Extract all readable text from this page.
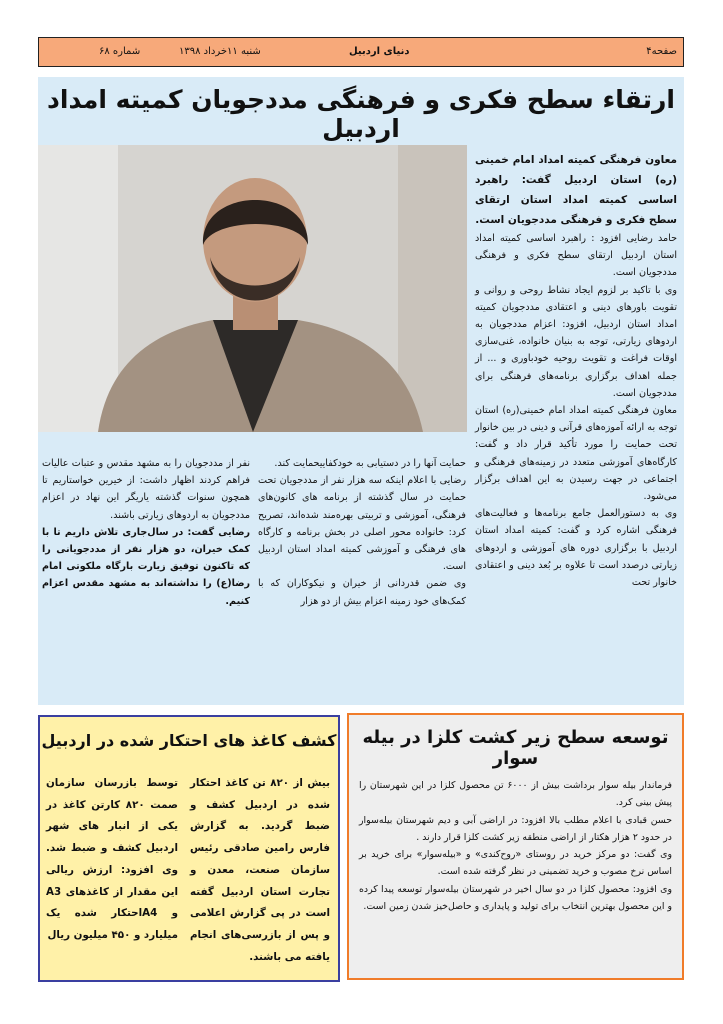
صفحه۴
دنیای اردبیل
شنبه ۱۱خرداد ۱۳۹۸
شماره ۶۸
ارتقاء سطح فکری و فرهنگی مددجویان کمیته امداد اردبیل

معاون فرهنگی کمیته امداد امام خمینی (ره) استان اردبیل گفت: راهبرد اساسی کمیته امداد استان ارتقای سطح فکری و فرهنگی مددجویان است.

حامد رضایی افزود : راهبرد اساسی کمیته امداد استان اردبیل ارتقای سطح فکری و فرهنگی مددجویان است.

وی با تاکید بر لزوم ایجاد نشاط روحی و روانی و تقویت باورهای دینی و اعتقادی مددجویان کمیته امداد استان اردبیل، افزود: اعزام مددجویان به اردوهای زیارتی، توجه به بنیان خانواده، غنی‌سازی اوقات فراغت و تقویت روحیه خودباوری و ... از جمله اهداف برگزاری برنامه‌های فرهنگی برای مددجویان است.

معاون فرهنگی کمیته امداد امام خمینی(ره) استان توجه به ارائه آموزه‌های قرآنی و دینی در بین خانوار تحت حمایت را مورد تأکید قرار داد و گفت: کارگاه‌های آموزشی متعدد در زمینه‌های فرهنگی و اجتماعی در جهت رسیدن به این اهداف برگزار می‌شود.

وی به دستورالعمل جامع برنامه‌ها و فعالیت‌های فرهنگی اشاره کرد و گفت: کمیته امداد استان اردبیل با برگزاری دوره های آموزشی و اردوهای زیارتی درصدد است تا علاوه بر بُعد دینی و اعتقادی خانوار تحت

حمایت آنها را در دستیابی به خودکفاییحمایت کند.

رضایی با اعلام اینکه سه هزار نفر از مددجویان تحت حمایت در سال گذشته از برنامه های کانون‌های فرهنگی، آموزشی و تربیتی بهره‌مند شده‌اند، تصریح کرد: خانواده محور اصلی در بخش برنامه و کارگاه های فرهنگی و آموزشی کمیته امداد استان اردبیل است.

وی ضمن قدردانی از خیران و نیکوکاران که با کمک‌های خود زمینه اعزام بیش از دو هزار

نفر از مددجویان را به مشهد مقدس و عتبات عالیات فراهم کردند اظهار داشت: از خیرین خواستاریم تا همچون سنوات گذشته یاریگر این نهاد در اعزام مددجویان به اردوهای زیارتی باشند.

رضایی گفت: در سال‌جاری تلاش داریم تا با کمک خیران، دو هزار نفر از مددجویانی را که تاکنون توفیق زیارت بارگاه ملکوتی امام رضا(ع) را نداشته‌اند به مشهد مقدس اعزام کنیم.

توسعه سطح زیر کشت کلزا در بیله سوار
فرماندار بیله سوار برداشت بیش از ۶۰۰۰ تن محصول کلزا در این شهرستان را پیش بینی کرد.
حسن قبادی با اعلام مطلب بالا افزود: در اراضی آبی و دیم شهرستان بیله‌سوار در حدود ۲ هزار هکتار از اراضی منطقه زیر کشت کلزا قرار دارند .
وی گفت: دو مرکز خرید در روستای «روح‌کندی» و «بیله‌سوار» برای خرید بر اساس نرخ مصوب و خرید تضمینی در نظر گرفته شده است.
وی افزود: محصول کلزا در دو سال اخیر در شهرستان بیله‌سوار توسعه پیدا کرده و این محصول بهترین انتخاب برای تولید و پایداری و حاصل‌خیز شدن زمین است.
کشف کاغذ های احتکار شده در اردبیل
بیش از ۸۲۰ تن کاغذ احتکار شده در اردبیل کشف و ضبط گردید. به گزارش فارس رامین صادقی رئیس سازمان صنعت، معدن و تجارت استان اردبیل گفته است در پی گزارش اعلامی و پس از بازرسی‌های انجام یافته می باشند.
توسط بازرسان سازمان صمت ۸۲۰ کارتن کاغذ در یکی از انبار های شهر اردبیل کشف و ضبط شد. وی افزود: ارزش ریالی این مقدار از کاغذهای A3 و A4احتکار شده یک میلیارد و ۴۵۰ میلیون ریال
